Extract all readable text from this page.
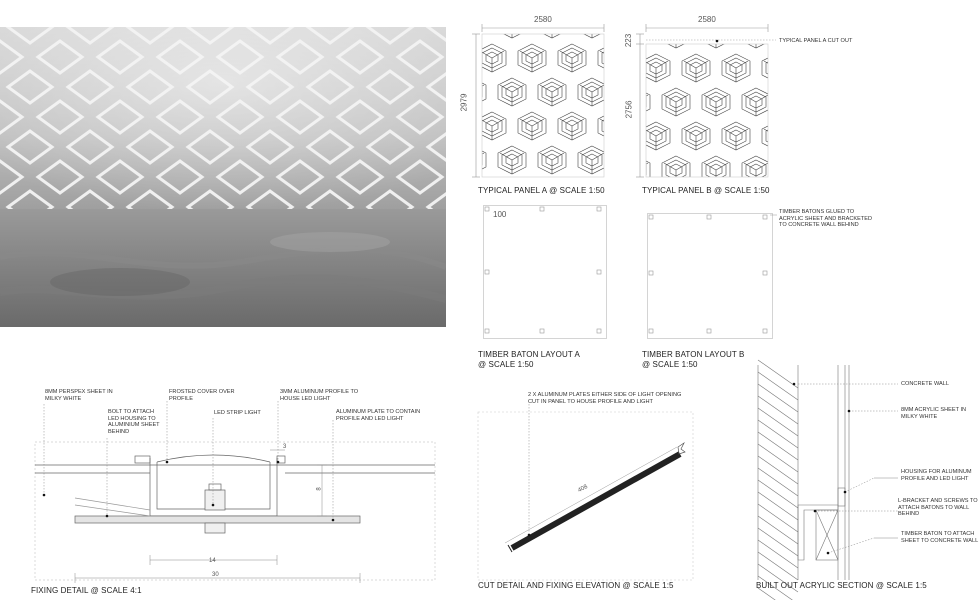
2580
2979
TYPICAL PANEL A @ SCALE 1:50
2580
223
2756
TYPICAL PANEL A CUT OUT
TYPICAL PANEL B @ SCALE 1:50
100
TIMBER BATON LAYOUT A
@ SCALE 1:50
TIMBER BATONS GLUED TO ACRYLIC SHEET AND BRACKETED TO CONCRETE WALL BEHIND
TIMBER BATON LAYOUT B
@ SCALE 1:50
8MM PERSPEX SHEET IN MILKY WHITE
BOLT TO ATTACH LED HOUSING TO ALUMINIUM SHEET BEHIND
FROSTED COVER OVER PROFILE
LED STRIP LIGHT
3MM ALUMINUM PROFILE TO HOUSE LED LIGHT
ALUMINUM PLATE TO CONTAIN PROFILE AND LED LIGHT
3
8
14
30
FIXING DETAIL @ SCALE 4:1
2 X ALUMINUM PLATES EITHER SIDE OF LIGHT OPENING CUT IN PANEL TO HOUSE PROFILE AND LIGHT
408
CUT DETAIL AND FIXING ELEVATION @ SCALE 1:5
CONCRETE WALL
8MM ACRYLIC SHEET IN MILKY WHITE
HOUSING FOR ALUMINUM PROFILE AND LED LIGHT
L-BRACKET AND SCREWS TO ATTACH BATONS TO WALL BEHIND
TIMBER BATON TO ATTACH SHEET TO CONCRETE WALL
BUILT OUT ACRYLIC SECTION @ SCALE 1:5
